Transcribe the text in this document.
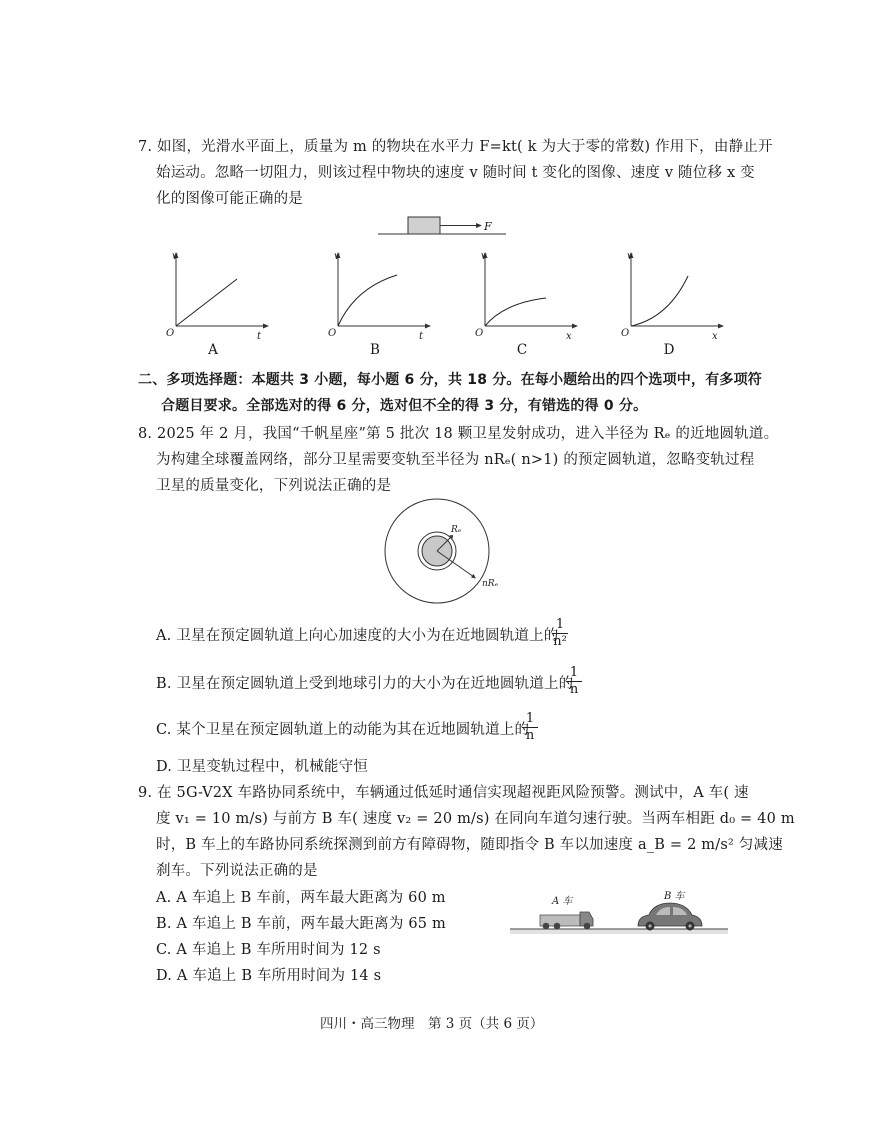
7. 如图，光滑水平面上，质量为 m 的物块在水平力 F=kt( k 为大于零的常数) 作用下，由静止开
始运动。忽略一切阻力，则该过程中物块的速度 v 随时间 t 变化的图像、速度 v 随位移 x 变
化的图像可能正确的是
F
v
t
O
A
v
t
O
B
v
x
O
C
v
x
O
D
二、多项选择题：本题共 3 小题，每小题 6 分，共 18 分。在每小题给出的四个选项中，有多项符
合题目要求。全部选对的得 6 分，选对但不全的得 3 分，有错选的得 0 分。
8. 2025 年 2 月，我国“千帆星座”第 5 批次 18 颗卫星发射成功，进入半径为 Rₑ 的近地圆轨道。
为构建全球覆盖网络，部分卫星需要变轨至半径为 nRₑ( n>1) 的预定圆轨道，忽略变轨过程
卫星的质量变化，下列说法正确的是
Rₑ
nRₑ
A. 卫星在预定圆轨道上向心加速度的大小为在近地圆轨道上的
1
n²
B. 卫星在预定圆轨道上受到地球引力的大小为在近地圆轨道上的
1
n
C. 某个卫星在预定圆轨道上的动能为其在近地圆轨道上的
1
n
D. 卫星变轨过程中，机械能守恒
9. 在 5G-V2X 车路协同系统中，车辆通过低延时通信实现超视距风险预警。测试中，A 车( 速
度 v₁ = 10 m/s) 与前方 B 车( 速度 v₂ = 20 m/s) 在同向车道匀速行驶。当两车相距 d₀ = 40 m
时，B 车上的车路协同系统探测到前方有障碍物，随即指令 B 车以加速度 a_B = 2 m/s² 匀减速
刹车。下列说法正确的是
A. A 车追上 B 车前，两车最大距离为 60 m
B. A 车追上 B 车前，两车最大距离为 65 m
C. A 车追上 B 车所用时间为 12 s
D. A 车追上 B 车所用时间为 14 s
A 车	B 车
四川・高三物理　第 3 页（共 6 页）
